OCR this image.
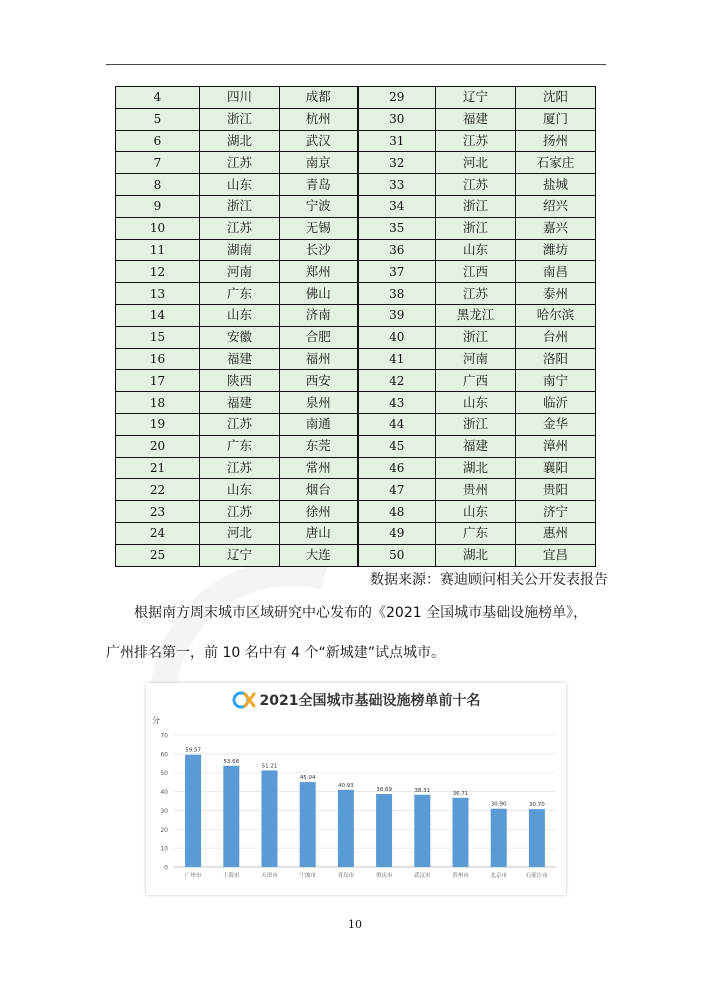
4	四川	成都	29	辽宁	沈阳
5	浙江	杭州	30	福建	厦门
6	湖北	武汉	31	江苏	扬州
7	江苏	南京	32	河北	石家庄
8	山东	青岛	33	江苏	盐城
9	浙江	宁波	34	浙江	绍兴
10	江苏	无锡	35	浙江	嘉兴
11	湖南	长沙	36	山东	潍坊
12	河南	郑州	37	江西	南昌
13	广东	佛山	38	江苏	泰州
14	山东	济南	39	黑龙江	哈尔滨
15	安徽	合肥	40	浙江	台州
16	福建	福州	41	河南	洛阳
17	陕西	西安	42	广西	南宁
18	福建	泉州	43	山东	临沂
19	江苏	南通	44	浙江	金华
20	广东	东莞	45	福建	漳州
21	江苏	常州	46	湖北	襄阳
22	山东	烟台	47	贵州	贵阳
23	江苏	徐州	48	山东	济宁
24	河北	唐山	49	广东	惠州
25	辽宁	大连	50	湖北	宜昌
数据来源：赛迪顾问相关公开发表报告
根据南方周末城市区域研究中心发布的《2021 全国城市基础设施榜单》，
广州排名第一，前 10 名中有 4 个“新城建”试点城市。
2021全国城市基础设施榜单前十名
分
0
10
20
30
40
50
60
70
59.57
广州市
53.68
上海市
51.21
天津市
45.04
宁波市
40.93
青岛市
38.69
重庆市
38.31
武汉市
36.71
贵州市
30.90
北京市
30.70
石家庄市
10
